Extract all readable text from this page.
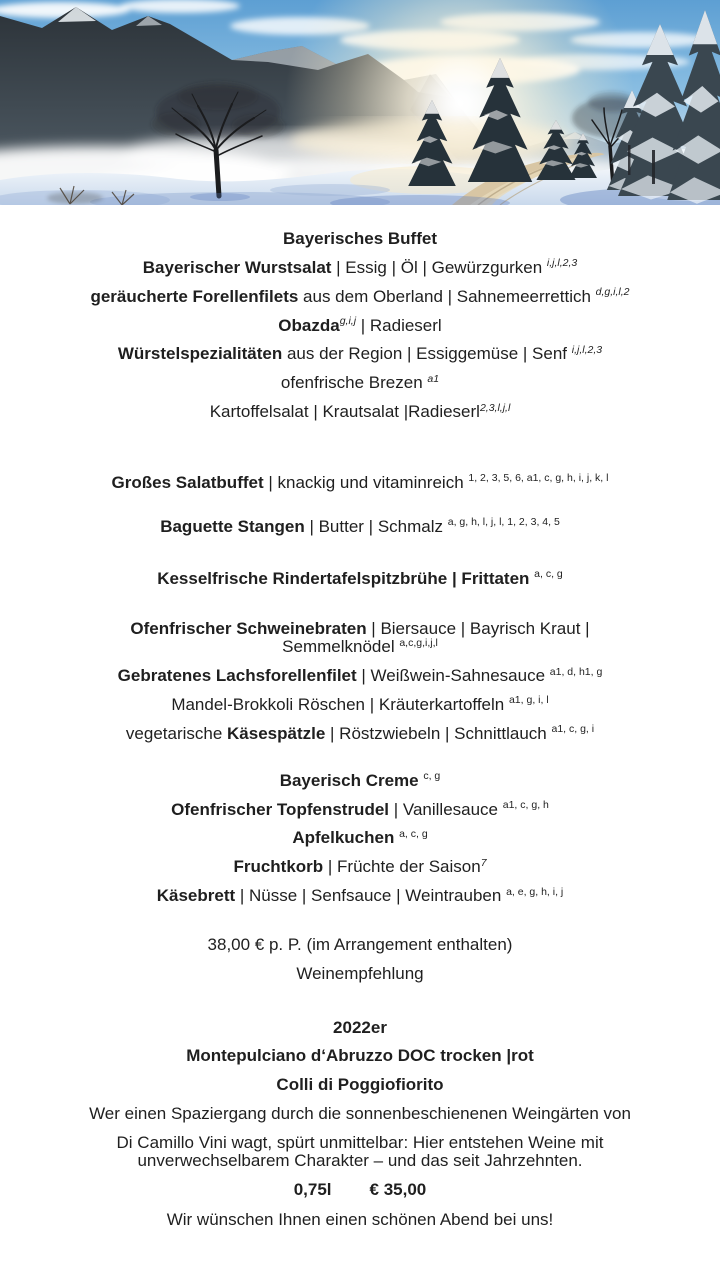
Bayerisches Buffet

Bayerischer Wurstsalat | Essig | Öl | Gewürzgurken $^{i,j,l,2,3}$

geräucherte Forellenfilets aus dem Oberland | Sahnemeerrettich $^{d,g,i,l,2}$

Obazda$^{g,i,j}$ | Radieserl

Würstelspezialitäten aus der Region | Essiggemüse | Senf $^{i,j,l,2,3}$

ofenfrische Brezen $^{a1}$

Kartoffelsalat | Krautsalat |Radieserl$^{2,3,l,j,l}$

Großes Salatbuffet | knackig und vitaminreich $^{1, 2, 3, 5, 6, a1, c, g, h, i, j, k, l}$

Baguette Stangen | Butter | Schmalz $^{a, g, h, l, j, l, 1, 2, 3, 4, 5}$

Kesselfrische Rindertafelspitzbrühe | Frittaten $^{a, c, g}$

Ofenfrischer Schweinebraten | Biersauce | Bayrisch Kraut | Semmelknödel $^{a,c,g,i,j,l}$

Gebratenes Lachsforellenfilet | Weißwein-Sahnesauce $^{a1, d, h1, g}$

Mandel-Brokkoli Röschen | Kräuterkartoffeln $^{a1, g, i, l}$

vegetarische Käsespätzle | Röstzwiebeln | Schnittlauch $^{a1, c, g, i}$

Bayerisch Creme $^{c, g}$

Ofenfrischer Topfenstrudel | Vanillesauce $^{a1, c, g, h}$

Apfelkuchen $^{a, c, g}$

Fruchtkorb | Früchte der Saison$^7$

Käsebrett | Nüsse | Senfsauce | Weintrauben $^{a, e, g, h, i, j}$

38,00 € p. P. (im Arrangement enthalten)

Weinempfehlung

2022er

Montepulciano d‘Abruzzo DOC trocken |rot

Colli di Poggiofiorito

Wer einen Spaziergang durch die sonnenbeschienenen Weingärten von

Di Camillo Vini wagt, spürt unmittelbar: Hier entstehen Weine mit unverwechselbarem Charakter – und das seit Jahrzehnten.

0,75l € 35,00

Wir wünschen Ihnen einen schönen Abend bei uns!
